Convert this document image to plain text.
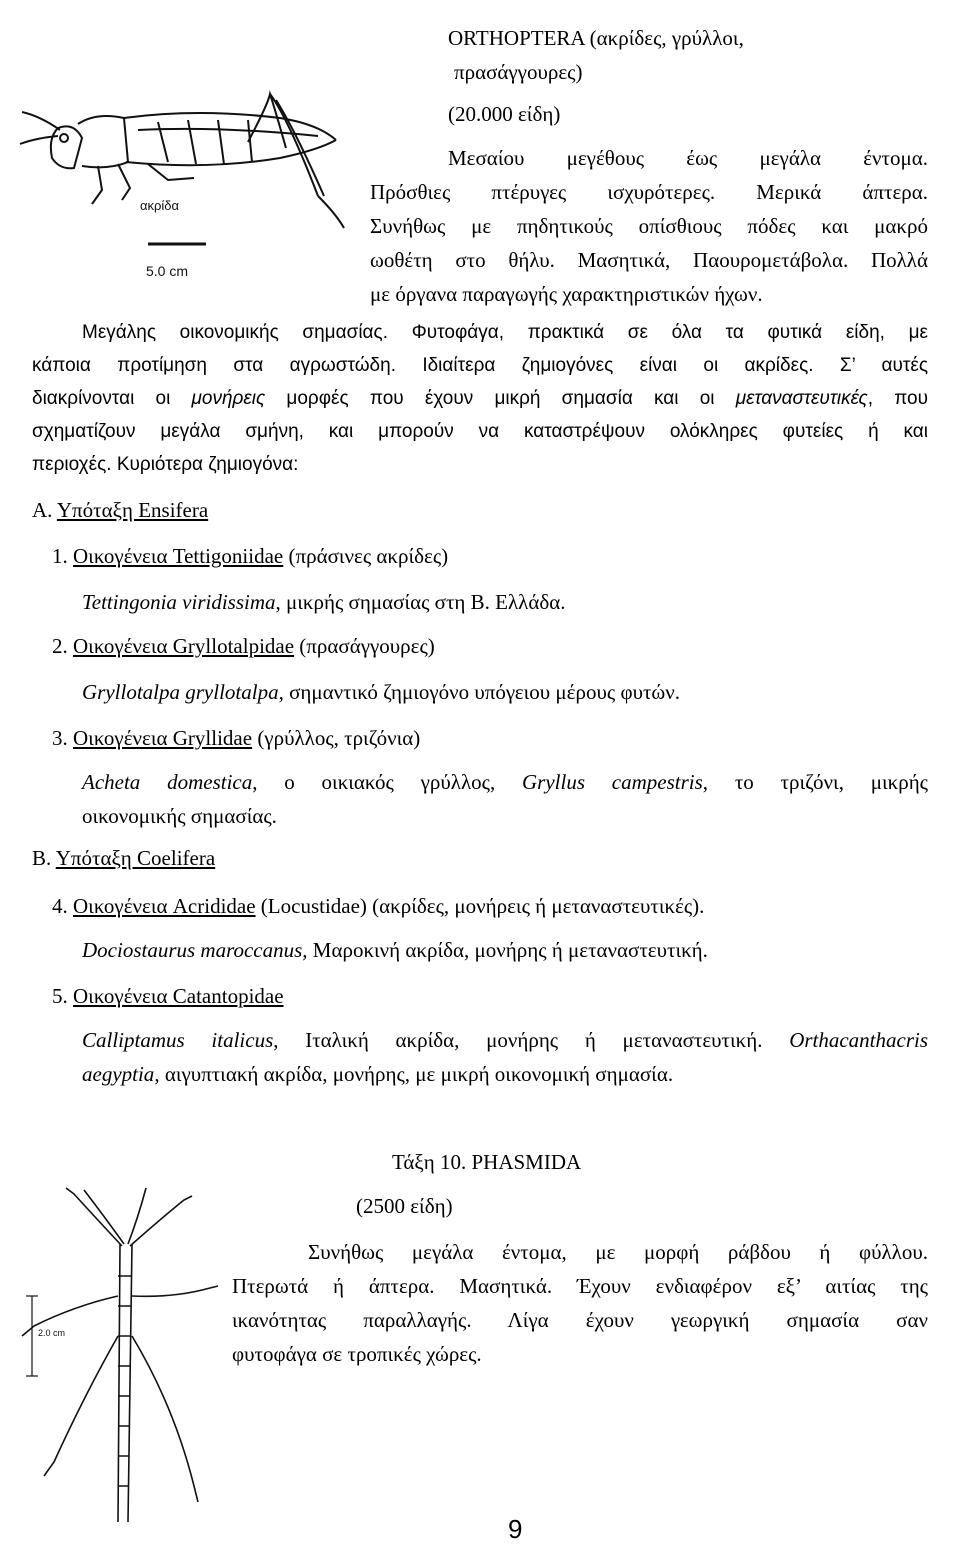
ακρίδα
5.0 cm
ORTHOPTERA (ακρίδες, γρύλλοι,
πρασάγγουρες)
(20.000 είδη)
Μεσαίου μεγέθους έως μεγάλα έντομα.
Πρόσθιες πτέρυγες ισχυρότερες. Μερικά άπτερα.
Συνήθως με πηδητικούς οπίσθιους πόδες και μακρό
ωοθέτη στο θήλυ. Μασητικά, Παουρομετάβολα. Πολλά
με όργανα παραγωγής χαρακτηριστικών ήχων.
Μεγάλης οικονομικής σημασίας. Φυτοφάγα, πρακτικά σε όλα τα φυτικά είδη, με
κάποια προτίμηση στα αγρωστώδη. Ιδιαίτερα ζημιογόνες είναι οι ακρίδες. Σ’ αυτές
διακρίνονται οι μονήρεις μορφές που έχουν μικρή σημασία και οι μεταναστευτικές, που
σχηματίζουν μεγάλα σμήνη, και μπορούν να καταστρέψουν ολόκληρες φυτείες ή και
περιοχές. Κυριότερα ζημιογόνα:
Α. Υπόταξη Ensifera
1. Οικογένεια Tettigoniidae (πράσινες ακρίδες)
Tettingonia viridissima, μικρής σημασίας στη Β. Ελλάδα.
2. Οικογένεια Gryllotalpidae (πρασάγγουρες)
Gryllotalpa gryllotalpa, σημαντικό ζημιογόνο υπόγειου μέρους φυτών.
3. Οικογένεια Gryllidae (γρύλλος, τριζόνια)
Acheta domestica, ο οικιακός γρύλλος, Gryllus campestris, το τριζόνι, μικρής
οικονομικής σημασίας.
Β. Υπόταξη Coelifera
4. Οικογένεια Acrididae (Locustidae) (ακρίδες, μονήρεις ή μεταναστευτικές).
Dociostaurus maroccanus, Μαροκινή ακρίδα, μονήρης ή μεταναστευτική.
5. Οικογένεια Catantopidae
Calliptamus italicus, Ιταλική ακρίδα, μονήρης ή μεταναστευτική. Orthacanthacris
aegyptia, αιγυπτιακή ακρίδα, μονήρης, με μικρή οικονομική σημασία.
2.0 cm
Τάξη 10. PHASMIDA
(2500 είδη)
Συνήθως μεγάλα έντομα, με μορφή ράβδου ή φύλλου.
Πτερωτά ή άπτερα. Μασητικά. Έχουν ενδιαφέρον εξ’ αιτίας της
ικανότητας παραλλαγής. Λίγα έχουν γεωργική σημασία σαν
φυτοφάγα σε τροπικές χώρες.
9
